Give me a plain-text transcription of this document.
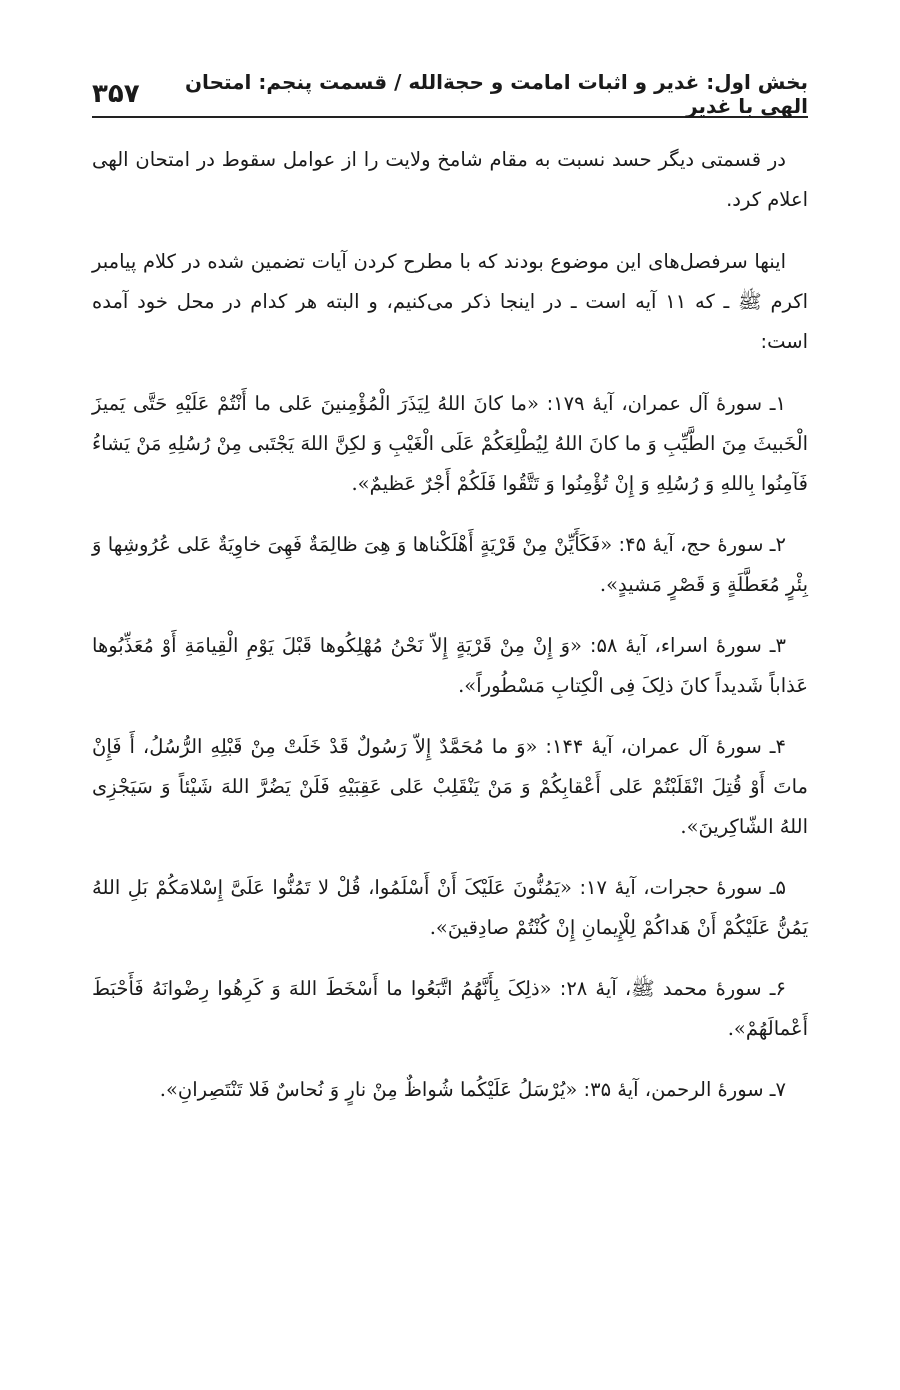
بخش اول: غدیر و اثبات امامت و حجةالله / قسمت پنجم: امتحان الهی با غدیر
۳۵۷

در قسمتی دیگر حسد نسبت به مقام شامخ ولایت را از عوامل سقوط در امتحان الهی اعلام کرد.

اینها سرفصل‌های این موضوع بودند که با مطرح کردن آیات تضمین شده در کلام پیامبر اکرم ﷺ ـ که ۱۱ آیه است ـ در اینجا ذکر می‌کنیم، و البته هر کدام در محل خود آمده است:

۱ـ سورهٔ آل عمران، آیهٔ ۱۷۹: «ما کانَ اللهُ لِیَذَرَ الْمُؤْمِنینَ عَلی ما أَنْتُمْ عَلَیْهِ حَتَّی یَمیزَ الْخَبیثَ مِنَ الطَّیِّبِ وَ ما کانَ اللهُ لِیُطْلِعَکُمْ عَلَی الْغَیْبِ وَ لکِنَّ اللهَ یَجْتَبی مِنْ رُسُلِهِ مَنْ یَشاءُ فَآمِنُوا بِاللهِ وَ رُسُلِهِ وَ إِنْ تُؤْمِنُوا وَ تَتَّقُوا فَلَکُمْ أَجْرٌ عَظیمٌ».

۲ـ سورهٔ حج، آیهٔ ۴۵: «فَکَأَیِّنْ مِنْ قَرْیَةٍ أَهْلَکْناها وَ هِیَ ظالِمَةٌ فَهِیَ خاوِیَةٌ عَلی عُرُوشِها وَ بِئْرٍ مُعَطَّلَةٍ وَ قَصْرٍ مَشیدٍ».

۳ـ سورهٔ اسراء، آیهٔ ۵۸: «وَ إِنْ مِنْ قَرْیَةٍ إِلاّ نَحْنُ مُهْلِکُوها قَبْلَ یَوْمِ الْقِیامَةِ أَوْ مُعَذِّبُوها عَذاباً شَدیداً کانَ ذلِکَ فِی الْکِتابِ مَسْطُوراً».

۴ـ سورهٔ آل عمران، آیهٔ ۱۴۴: «وَ ما مُحَمَّدٌ إِلاّ رَسُولٌ قَدْ خَلَتْ مِنْ قَبْلِهِ الرُّسُلُ، أَ فَإِنْ ماتَ أَوْ قُتِلَ انْقَلَبْتُمْ عَلی أَعْقابِکُمْ وَ مَنْ یَنْقَلِبْ عَلی عَقِبَیْهِ فَلَنْ یَضُرَّ اللهَ شَیْئاً وَ سَیَجْزِی اللهُ الشّاکِرینَ».

۵ـ سورهٔ حجرات، آیهٔ ۱۷: «یَمُنُّونَ عَلَیْکَ أَنْ أَسْلَمُوا، قُلْ لا تَمُنُّوا عَلَیَّ إِسْلامَکُمْ بَلِ اللهُ یَمُنُّ عَلَیْکُمْ أَنْ هَداکُمْ لِلْإِیمانِ إِنْ کُنْتُمْ صادِقینَ».

۶ـ سورهٔ محمد ﷺ، آیهٔ ۲۸: «ذلِکَ بِأَنَّهُمُ اتَّبَعُوا ما أَسْخَطَ اللهَ وَ کَرِهُوا رِضْوانَهُ فَأَحْبَطَ أَعْمالَهُمْ».

۷ـ سورهٔ الرحمن، آیهٔ ۳۵: «یُرْسَلُ عَلَیْکُما شُواظٌ مِنْ نارٍ وَ نُحاسٌ فَلا تَنْتَصِرانِ».
